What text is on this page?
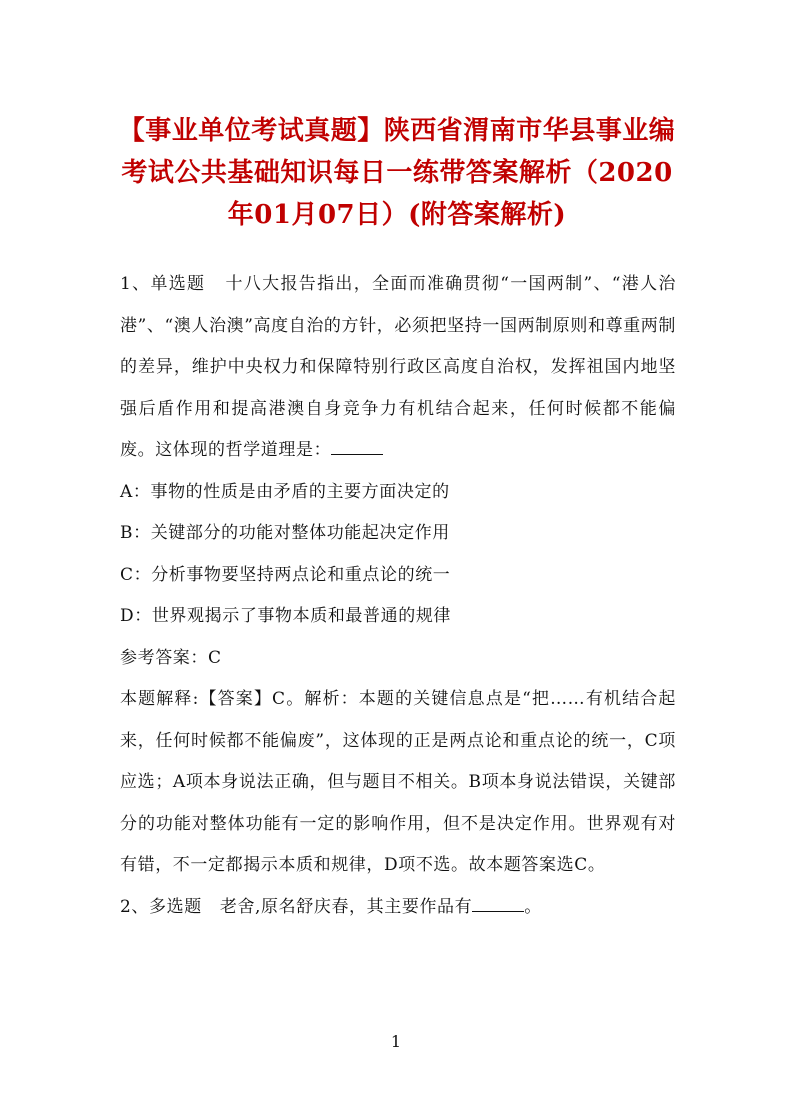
【事业单位考试真题】陕西省渭南市华县事业编考试公共基础知识每日一练带答案解析（2020年01月07日）(附答案解析)

1、单选题 十八大报告指出，全面而准确贯彻“一国两制”、“港人治港”、“澳人治澳”高度自治的方针，必须把坚持一国两制原则和尊重两制的差异，维护中央权力和保障特别行政区高度自治权，发挥祖国内地坚强后盾作用和提高港澳自身竞争力有机结合起来，任何时候都不能偏废。这体现的哲学道理是：

A：事物的性质是由矛盾的主要方面决定的

B：关键部分的功能对整体功能起决定作用

C：分析事物要坚持两点论和重点论的统一

D：世界观揭示了事物本质和最普通的规律

参考答案：C

本题解释:【答案】C。解析：本题的关键信息点是“把……有机结合起来，任何时候都不能偏废”，这体现的正是两点论和重点论的统一，C项应选；A项本身说法正确，但与题目不相关。B项本身说法错误，关键部分的功能对整体功能有一定的影响作用，但不是决定作用。世界观有对有错，不一定都揭示本质和规律，D项不选。故本题答案选C。

2、多选题 老舍,原名舒庆春，其主要作品有	。

1
